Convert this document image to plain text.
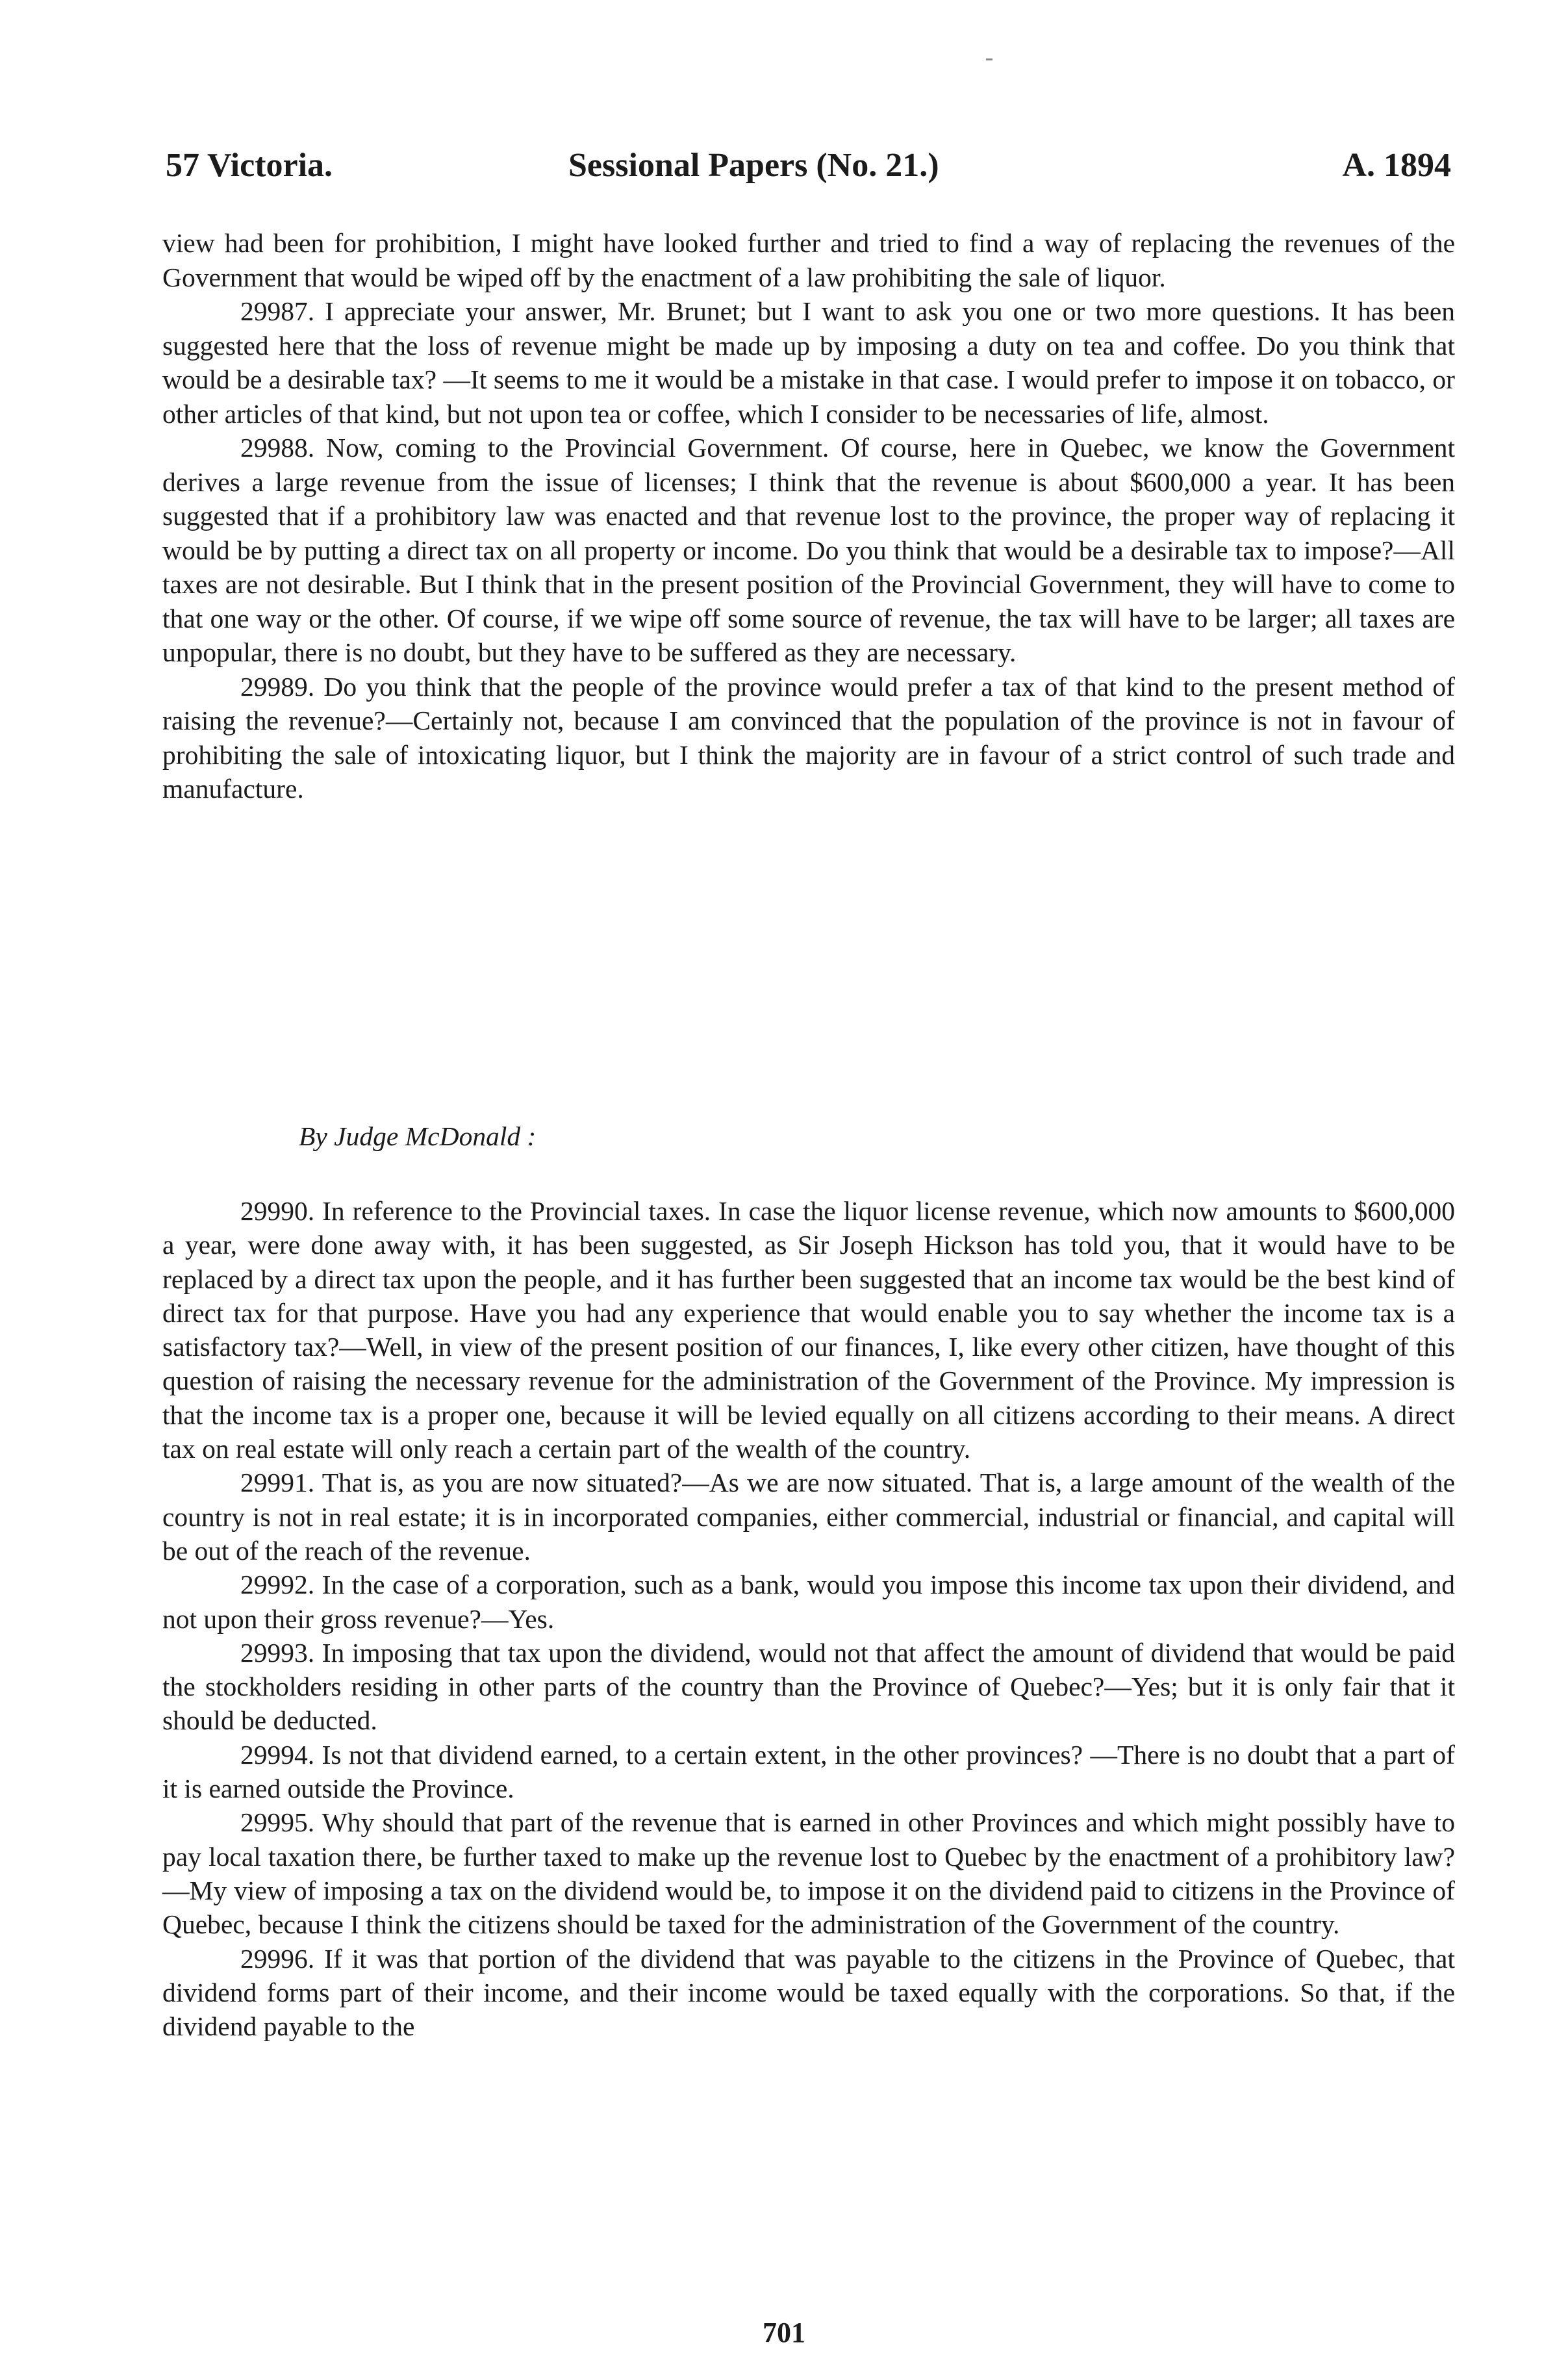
57 Victoria.	Sessional Papers (No. 21.)	A. 1894

view had been for prohibition, I might have looked further and tried to find a way of replacing the revenues of the Government that would be wiped off by the enactment of a law prohibiting the sale of liquor.

29987. I appreciate your answer, Mr. Brunet; but I want to ask you one or two more questions. It has been suggested here that the loss of revenue might be made up by imposing a duty on tea and coffee. Do you think that would be a desirable tax? —It seems to me it would be a mistake in that case. I would prefer to impose it on tobacco, or other articles of that kind, but not upon tea or coffee, which I consider to be necessaries of life, almost.

29988. Now, coming to the Provincial Government. Of course, here in Quebec, we know the Government derives a large revenue from the issue of licenses; I think that the revenue is about $600,000 a year. It has been suggested that if a prohibitory law was enacted and that revenue lost to the province, the proper way of replacing it would be by putting a direct tax on all property or income. Do you think that would be a desirable tax to impose?—All taxes are not desirable. But I think that in the present position of the Provincial Government, they will have to come to that one way or the other. Of course, if we wipe off some source of revenue, the tax will have to be larger; all taxes are unpopular, there is no doubt, but they have to be suffered as they are necessary.

29989. Do you think that the people of the province would prefer a tax of that kind to the present method of raising the revenue?—Certainly not, because I am convinced that the population of the province is not in favour of prohibiting the sale of intoxicating liquor, but I think the majority are in favour of a strict control of such trade and manufacture.

By Judge McDonald :

29990. In reference to the Provincial taxes. In case the liquor license revenue, which now amounts to $600,000 a year, were done away with, it has been suggested, as Sir Joseph Hickson has told you, that it would have to be replaced by a direct tax upon the people, and it has further been suggested that an income tax would be the best kind of direct tax for that purpose. Have you had any experience that would enable you to say whether the income tax is a satisfactory tax?—Well, in view of the present position of our finances, I, like every other citizen, have thought of this question of raising the necessary revenue for the administration of the Government of the Province. My impression is that the income tax is a proper one, because it will be levied equally on all citizens according to their means. A direct tax on real estate will only reach a certain part of the wealth of the country.

29991. That is, as you are now situated?—As we are now situated. That is, a large amount of the wealth of the country is not in real estate; it is in incorporated companies, either commercial, industrial or financial, and capital will be out of the reach of the revenue.

29992. In the case of a corporation, such as a bank, would you impose this income tax upon their dividend, and not upon their gross revenue?—Yes.

29993. In imposing that tax upon the dividend, would not that affect the amount of dividend that would be paid the stockholders residing in other parts of the country than the Province of Quebec?—Yes; but it is only fair that it should be deducted.

29994. Is not that dividend earned, to a certain extent, in the other provinces? —There is no doubt that a part of it is earned outside the Province.

29995. Why should that part of the revenue that is earned in other Provinces and which might possibly have to pay local taxation there, be further taxed to make up the revenue lost to Quebec by the enactment of a prohibitory law?—My view of imposing a tax on the dividend would be, to impose it on the dividend paid to citizens in the Province of Quebec, because I think the citizens should be taxed for the administration of the Government of the country.

29996. If it was that portion of the dividend that was payable to the citizens in the Province of Quebec, that dividend forms part of their income, and their income would be taxed equally with the corporations. So that, if the dividend payable to the

701
